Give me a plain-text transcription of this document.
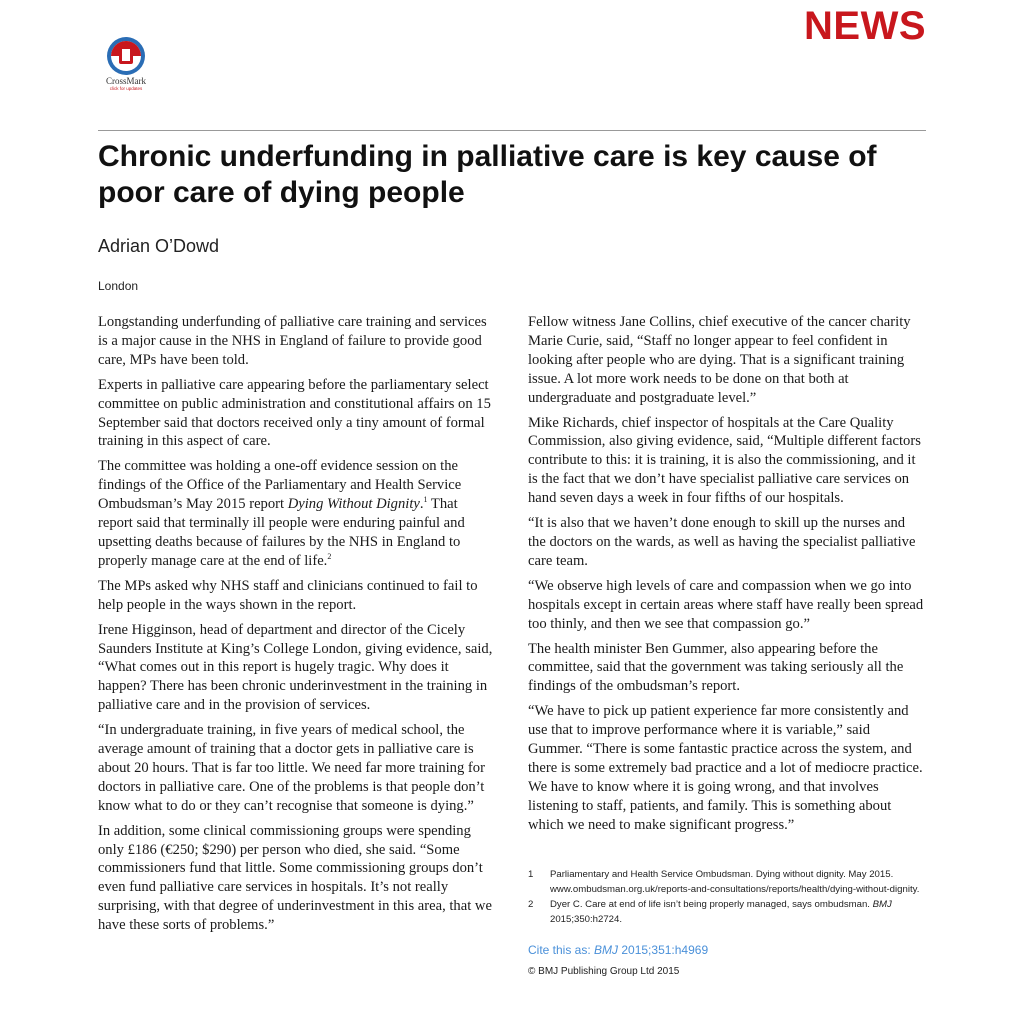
NEWS
CrossMark
click for updates
Chronic underfunding in palliative care is key cause of poor care of dying people
Adrian O’Dowd
London

Longstanding underfunding of palliative care training and services is a major cause in the NHS in England of failure to provide good care, MPs have been told.

Experts in palliative care appearing before the parliamentary select committee on public administration and constitutional affairs on 15 September said that doctors received only a tiny amount of formal training in this aspect of care.

The committee was holding a one-off evidence session on the findings of the Office of the Parliamentary and Health Service Ombudsman’s May 2015 report Dying Without Dignity.$^1$ That report said that terminally ill people were enduring painful and upsetting deaths because of failures by the NHS in England to properly manage care at the end of life.$^2$

The MPs asked why NHS staff and clinicians continued to fail to help people in the ways shown in the report.

Irene Higginson, head of department and director of the Cicely Saunders Institute at King’s College London, giving evidence, said, “What comes out in this report is hugely tragic. Why does it happen? There has been chronic underinvestment in the training in palliative care and in the provision of services.

“In undergraduate training, in five years of medical school, the average amount of training that a doctor gets in palliative care is about 20 hours. That is far too little. We need far more training for doctors in palliative care. One of the problems is that people don’t know what to do or they can’t recognise that someone is dying.”

In addition, some clinical commissioning groups were spending only £186 (€250; $290) per person who died, she said. “Some commissioners fund that little. Some commissioning groups don’t even fund palliative care services in hospitals. It’s not really surprising, with that degree of underinvestment in this area, that we have these sorts of problems.”

Fellow witness Jane Collins, chief executive of the cancer charity Marie Curie, said, “Staff no longer appear to feel confident in looking after people who are dying. That is a significant training issue. A lot more work needs to be done on that both at undergraduate and postgraduate level.”

Mike Richards, chief inspector of hospitals at the Care Quality Commission, also giving evidence, said, “Multiple different factors contribute to this: it is training, it is also the commissioning, and it is the fact that we don’t have specialist palliative care services on hand seven days a week in four fifths of our hospitals.

“It is also that we haven’t done enough to skill up the nurses and the doctors on the wards, as well as having the specialist palliative care team.

“We observe high levels of care and compassion when we go into hospitals except in certain areas where staff have really been spread too thinly, and then we see that compassion go.”

The health minister Ben Gummer, also appearing before the committee, said that the government was taking seriously all the findings of the ombudsman’s report.

“We have to pick up patient experience far more consistently and use that to improve performance where it is variable,” said Gummer. “There is some fantastic practice across the system, and there is some extremely bad practice and a lot of mediocre practice. We have to know where it is going wrong, and that involves listening to staff, patients, and family. This is something about which we need to make significant progress.”

1	Parliamentary and Health Service Ombudsman. Dying without dignity. May 2015. www.ombudsman.org.uk/reports-and-consultations/reports/health/dying-without-dignity.
2	Dyer C. Care at end of life isn’t being properly managed, says ombudsman. BMJ 2015;350:h2724.
Cite this as: BMJ 2015;351:h4969
© BMJ Publishing Group Ltd 2015
